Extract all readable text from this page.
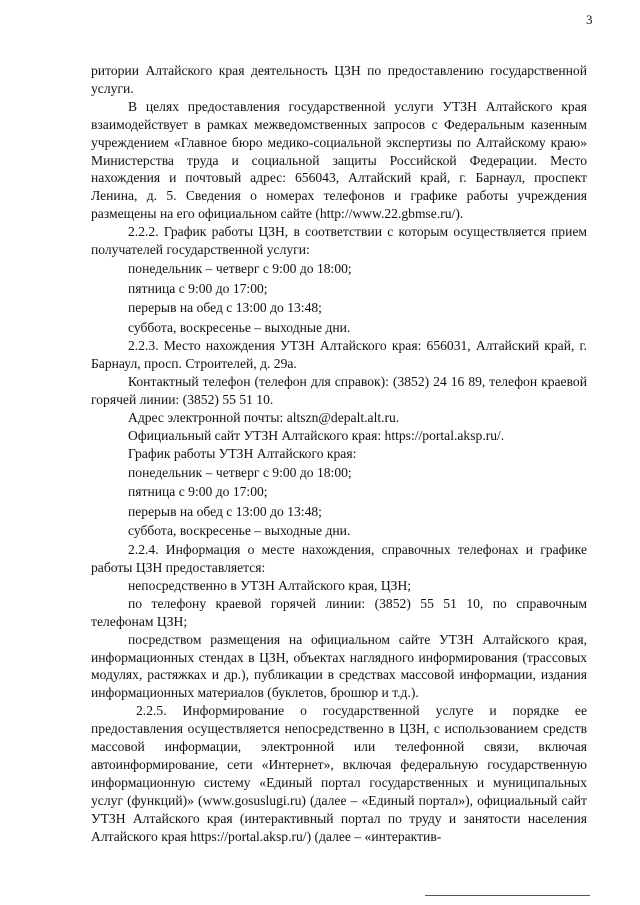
3

ритории Алтайского края деятельность ЦЗН по предоставлению государственной услуги.

В целях предоставления государственной услуги УТЗН Алтайского края взаимодействует в рамках межведомственных запросов с Федеральным казенным учреждением «Главное бюро медико-социальной экспертизы по Алтайскому краю» Министерства труда и социальной защиты Российской Федерации. Место нахождения и почтовый адрес: 656043, Алтайский край, г. Барнаул, проспект Ленина, д. 5. Сведения о номерах телефонов и графике работы учреждения размещены на его официальном сайте (http://www.22.gbmse.ru/).

2.2.2. График работы ЦЗН, в соответствии с которым осуществляется прием получателей государственной услуги:

понедельник – четверг с 9:00 до 18:00;
пятница с 9:00 до 17:00;
перерыв на обед с 13:00 до 13:48;
суббота, воскресенье – выходные дни.

2.2.3. Место нахождения УТЗН Алтайского края: 656031, Алтайский край, г. Барнаул, просп. Строителей, д. 29а.

Контактный телефон (телефон для справок): (3852) 24 16 89, телефон краевой горячей линии: (3852) 55 51 10.

Адрес электронной почты: altszn@depalt.alt.ru.

Официальный сайт УТЗН Алтайского края: https://portal.aksp.ru/.

График работы УТЗН Алтайского края:

понедельник – четверг с 9:00 до 18:00;
пятница с 9:00 до 17:00;
перерыв на обед с 13:00 до 13:48;
суббота, воскресенье – выходные дни.

2.2.4. Информация о месте нахождения, справочных телефонах и графике работы ЦЗН предоставляется:

непосредственно в УТЗН Алтайского края, ЦЗН;

по телефону краевой горячей линии: (3852) 55 51 10, по справочным телефонам ЦЗН;

посредством размещения на официальном сайте УТЗН Алтайского края, информационных стендах в ЦЗН, объектах наглядного информирования (трассовых модулях, растяжках и др.), публикации в средствах массовой информации, издания информационных материалов (буклетов, брошюр и т.д.).

2.2.5. Информирование о государственной услуге и порядке ее предоставления осуществляется непосредственно в ЦЗН, с использованием средств массовой информации, электронной или телефонной связи, включая автоинформирование, сети «Интернет», включая федеральную государственную информационную систему «Единый портал государственных и муниципальных услуг (функций)» (www.gosuslugi.ru) (далее – «Единый портал»), официальный сайт УТЗН Алтайского края (интерактивный портал по труду и занятости населения Алтайского края https://portal.aksp.ru/) (далее – «интерактив-
